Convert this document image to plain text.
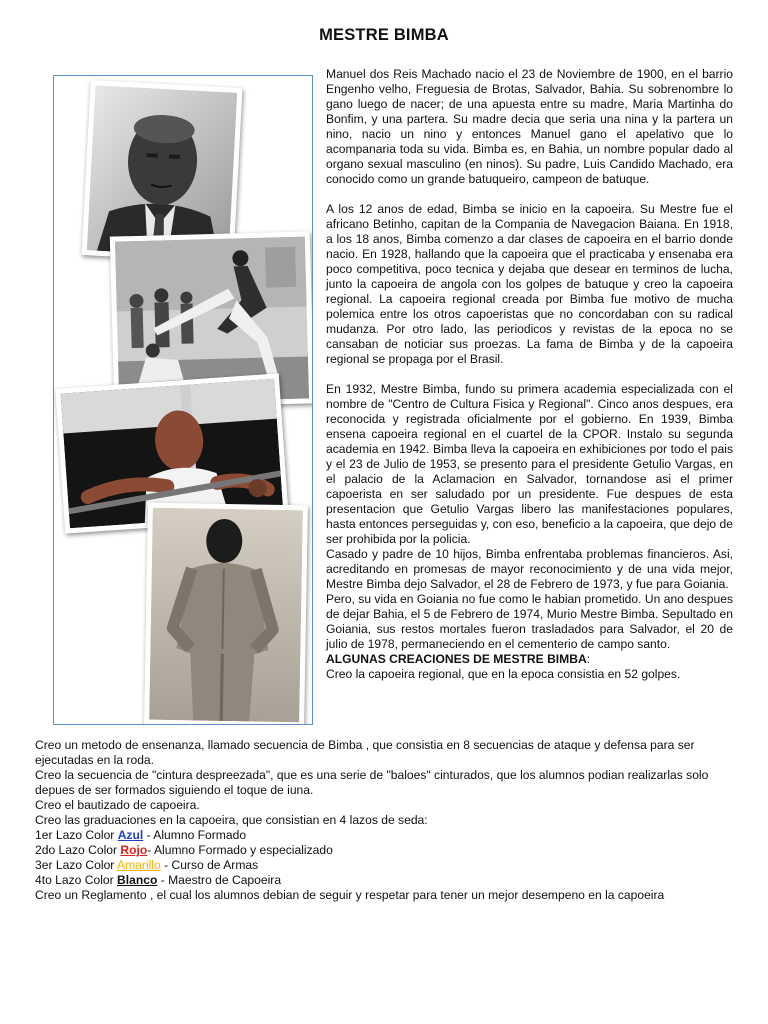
MESTRE BIMBA

Manuel dos Reis Machado nacio el 23 de Noviembre de 1900, en el barrio Engenho velho, Freguesia de Brotas, Salvador, Bahia. Su sobrenombre lo gano luego de nacer; de una apuesta entre su madre, Maria Martinha do Bonfim, y una partera. Su madre decia que seria una nina y la partera un nino, nacio un nino y entonces Manuel gano el apelativo que lo acompanaria toda su vida. Bimba es, en Bahia, un nombre popular dado al organo sexual masculino (en ninos). Su padre, Luis Candido Machado, era conocido como un grande batuqueiro, campeon de batuque.

A los 12 anos de edad, Bimba se inicio en la capoeira. Su Mestre fue el africano Betinho, capitan de la Compania de Navegacion Baiana. En 1918, a los 18 anos, Bimba comenzo a dar clases de capoeira en el barrio donde nacio. En 1928, hallando que la capoeira que el practicaba y ensenaba era poco competitiva, poco tecnica y dejaba que desear en terminos de lucha, junto la capoeira de angola con los golpes de batuque y creo la capoeira regional. La capoeira regional creada por Bimba fue motivo de mucha polemica entre los otros capoeristas que no concordaban con su radical mudanza. Por otro lado, las periodicos y revistas de la epoca no se cansaban de noticiar sus proezas. La fama de Bimba y de la capoeira regional se propaga por el Brasil.

En 1932, Mestre Bimba, fundo su primera academia especializada con el nombre de "Centro de Cultura Fisica y Regional". Cinco anos despues, era reconocida y registrada oficialmente por el gobierno. En 1939, Bimba ensena capoeira regional en el cuartel de la CPOR. Instalo su segunda academia en 1942. Bimba lleva la capoeira en exhibiciones por todo el pais y el 23 de Julio de 1953, se presento para el presidente Getulio Vargas, en el palacio de la Aclamacion en Salvador, tornandose asi el primer capoerista en ser saludado por un presidente. Fue despues de esta presentacion que Getulio Vargas libero las manifestaciones populares, hasta entonces perseguidas y, con eso, beneficio a la capoeira, que dejo de ser prohibida por la policia.

Casado y padre de 10 hijos, Bimba enfrentaba problemas financieros. Asi, acreditando en promesas de mayor reconocimiento y de una vida mejor, Mestre Bimba dejo Salvador, el 28 de Febrero de 1973, y fue para Goiania.

Pero, su vida en Goiania no fue como le habian prometido. Un ano despues de dejar Bahia, el 5 de Febrero de 1974, Murio Mestre Bimba. Sepultado en Goiania, sus restos mortales fueron trasladados para Salvador, el 20 de julio de 1978, permaneciendo en el cementerio de campo santo.

ALGUNAS CREACIONES DE MESTRE BIMBA:

Creo la capoeira regional, que en la epoca consistia en 52 golpes.

Creo un metodo de ensenanza, llamado secuencia de Bimba , que consistia en 8 secuencias de ataque y defensa para ser ejecutadas en la roda.

Creo la secuencia de "cintura despreezada", que es una serie de "baloes" cinturados, que los alumnos podian realizarlas solo depues de ser formados siguiendo el toque de iuna.

Creo el bautizado de capoeira.

Creo las graduaciones en la capoeira, que consistian en 4 lazos de seda:

1er Lazo Color Azul - Alumno Formado

2do Lazo Color Rojo- Alumno Formado y especializado

3er Lazo Color Amarillo - Curso de Armas

4to Lazo Color Blanco - Maestro de Capoeira

Creo un Reglamento , el cual los alumnos debian de seguir y respetar para tener un mejor desempeno en la capoeira
